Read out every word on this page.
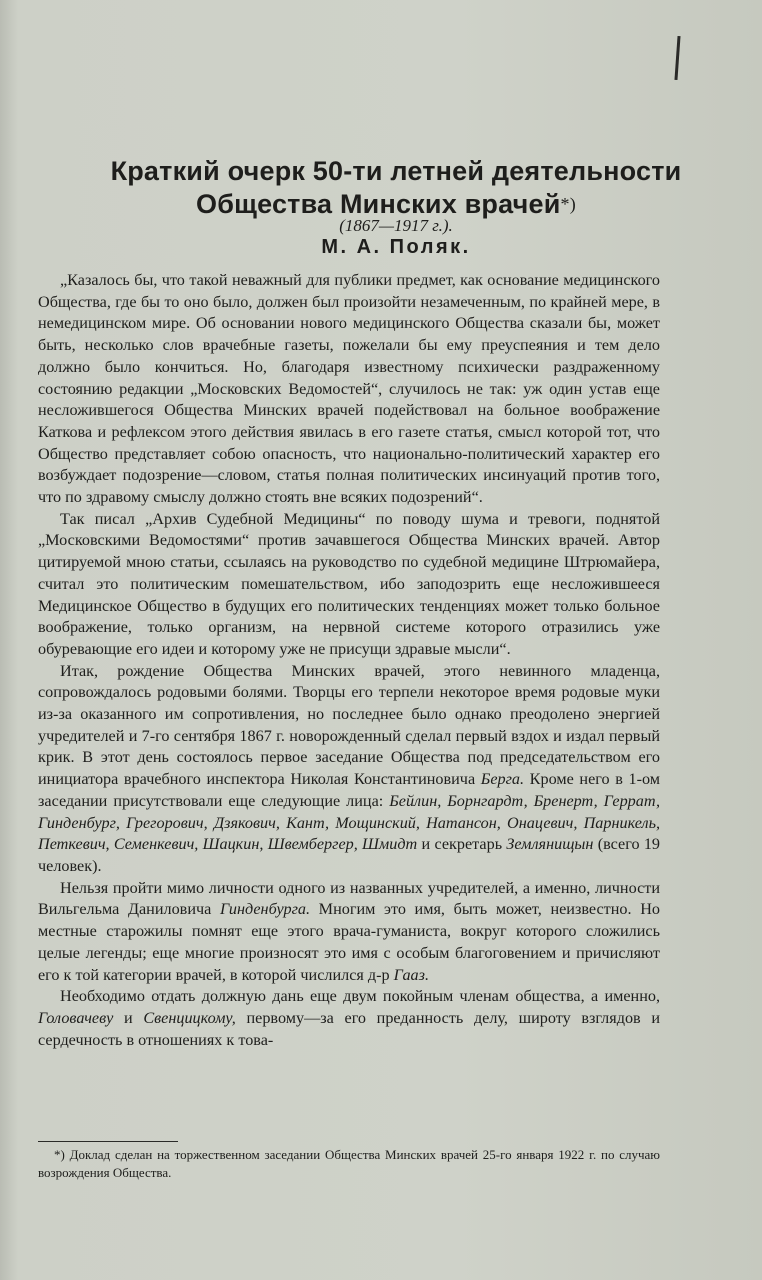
Краткий очерк 50-ти летней деятельности
Общества Минских врачей*)
(1867—1917 г.).
М. А. Поляк.

„Казалось бы, что такой неважный для публики предмет, как основание медицинского Общества, где бы то оно было, должен был произойти незамеченным, по крайней мере, в немедицинском мире. Об основании нового медицинского Общества сказали бы, может быть, несколько слов врачебные газеты, пожелали бы ему преуспеяния и тем дело должно было кончиться. Но, благодаря известному психически раздраженному состоянию редакции „Московских Ведомостей“, случилось не так: уж один устав еще несложившегося Общества Минских врачей подействовал на больное воображение Каткова и рефлексом этого действия явилась в его газете статья, смысл которой тот, что Общество представляет собою опасность, что национально-политический характер его возбуждает подозрение—словом, статья полная политических инсинуаций против того, что по здравому смыслу должно стоять вне всяких подозрений“.

Так писал „Архив Судебной Медицины“ по поводу шума и тревоги, поднятой „Московскими Ведомостями“ против зачавшегося Общества Минских врачей. Автор цитируемой мною статьи, ссылаясь на руководство по судебной медицине Штрюмайера, считал это политическим помешательством, ибо заподозрить еще несложившееся Медицинское Общество в будущих его политических тенденциях может только больное воображение, только организм, на нервной системе которого отразились уже обуревающие его идеи и которому уже не присущи здравые мысли“.

Итак, рождение Общества Минских врачей, этого невинного младенца, сопровождалось родовыми болями. Творцы его терпели некоторое время родовые муки из-за оказанного им сопротивления, но последнее было однако преодолено энергией учредителей и 7-го сентября 1867 г. новорожденный сделал первый вздох и издал первый крик. В этот день состоялось первое заседание Общества под председательством его инициатора врачебного инспектора Николая Константиновича Берга. Кроме него в 1-ом заседании присутствовали еще следующие лица: Бейлин, Борнгардт, Бренерт, Геррат, Гинденбург, Грегорович, Дзякович, Кант, Мощинский, Натансон, Онацевич, Парникель, Петкевич, Семенкевич, Шацкин, Швембергер, Шмидт и секретарь Землянищын (всего 19 человек).

Нельзя пройти мимо личности одного из названных учредителей, а именно, личности Вильгельма Даниловича Гинденбурга. Многим это имя, быть может, неизвестно. Но местные старожилы помнят еще этого врача-гуманиста, вокруг которого сложились целые легенды; еще многие произносят это имя с особым благоговением и причисляют его к той категории врачей, в которой числился д-р Гааз.

Необходимо отдать должную дань еще двум покойным членам общества, а именно, Головачеву и Свенцицкому, первому—за его преданность делу, широту взглядов и сердечность в отношениях к това-

*) Доклад сделан на торжественном заседании Общества Минских врачей 25-го января 1922 г. по случаю возрождения Общества.
